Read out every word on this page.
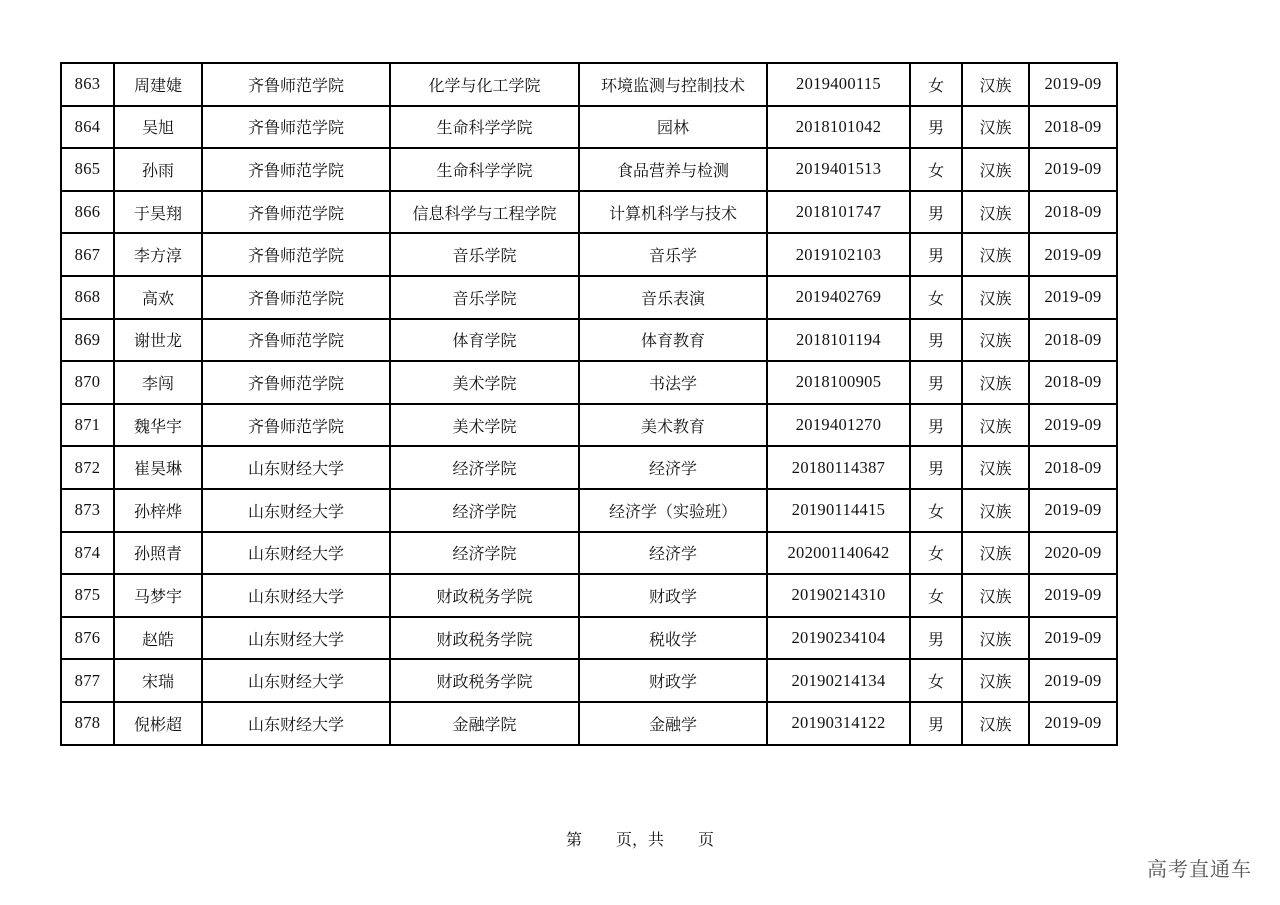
863	周建婕	齐鲁师范学院	化学与化工学院	环境监测与控制技术	2019400115	女	汉族	2019-09
864	吴旭	齐鲁师范学院	生命科学学院	园林	2018101042	男	汉族	2018-09
865	孙雨	齐鲁师范学院	生命科学学院	食品营养与检测	2019401513	女	汉族	2019-09
866	于昊翔	齐鲁师范学院	信息科学与工程学院	计算机科学与技术	2018101747	男	汉族	2018-09
867	李方淳	齐鲁师范学院	音乐学院	音乐学	2019102103	男	汉族	2019-09
868	高欢	齐鲁师范学院	音乐学院	音乐表演	2019402769	女	汉族	2019-09
869	谢世龙	齐鲁师范学院	体育学院	体育教育	2018101194	男	汉族	2018-09
870	李闯	齐鲁师范学院	美术学院	书法学	2018100905	男	汉族	2018-09
871	魏华宇	齐鲁师范学院	美术学院	美术教育	2019401270	男	汉族	2019-09
872	崔昊琳	山东财经大学	经济学院	经济学	20180114387	男	汉族	2018-09
873	孙梓烨	山东财经大学	经济学院	经济学（实验班）	20190114415	女	汉族	2019-09
874	孙照青	山东财经大学	经济学院	经济学	202001140642	女	汉族	2020-09
875	马梦宇	山东财经大学	财政税务学院	财政学	20190214310	女	汉族	2019-09
876	赵皓	山东财经大学	财政税务学院	税收学	20190234104	男	汉族	2019-09
877	宋瑞	山东财经大学	财政税务学院	财政学	20190214134	女	汉族	2019-09
878	倪彬超	山东财经大学	金融学院	金融学	20190314122	男	汉族	2019-09
第 页，共 页
高考直通车
